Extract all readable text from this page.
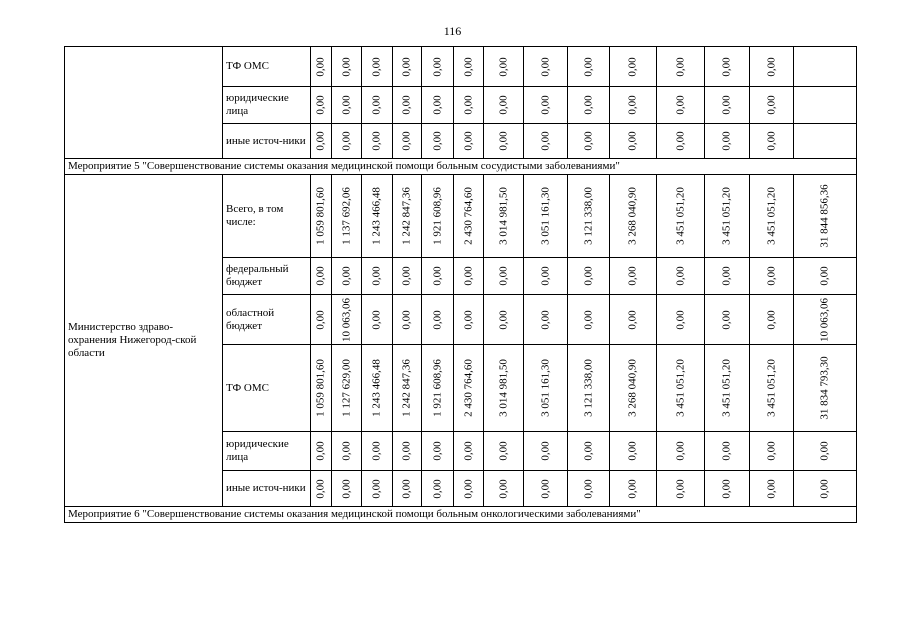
116
	ТФ ОМС	0,00	0,00	0,00	0,00	0,00	0,00	0,00	0,00	0,00	0,00	0,00	0,00	0,00	

	юридические лица	0,00	0,00	0,00	0,00	0,00	0,00	0,00	0,00	0,00	0,00	0,00	0,00	0,00	

	иные источ-ники	0,00	0,00	0,00	0,00	0,00	0,00	0,00	0,00	0,00	0,00	0,00	0,00	0,00	

Мероприятие 5 "Совершенствование системы оказания медицинской помощи больным сосудистыми заболеваниями"															
Министерство здраво-охранения Нижегород-ской области	Всего, в том числе:	1 059 801,60	1 137 692,06	1 243 466,48	1 242 847,36	1 921 608,96	2 430 764,60	3 014 981,50	3 051 161,30	3 121 338,00	3 268 040,90	3 451 051,20	3 451 051,20	3 451 051,20	31 844 856,36

	федеральный бюджет	0,00	0,00	0,00	0,00	0,00	0,00	0,00	0,00	0,00	0,00	0,00	0,00	0,00	0,00

	областной бюджет	0,00	10 063,06	0,00	0,00	0,00	0,00	0,00	0,00	0,00	0,00	0,00	0,00	0,00	10 063,06

	ТФ ОМС	1 059 801,60	1 127 629,00	1 243 466,48	1 242 847,36	1 921 608,96	2 430 764,60	3 014 981,50	3 051 161,30	3 121 338,00	3 268 040,90	3 451 051,20	3 451 051,20	3 451 051,20	31 834 793,30

	юридические лица	0,00	0,00	0,00	0,00	0,00	0,00	0,00	0,00	0,00	0,00	0,00	0,00	0,00	0,00

	иные источ-ники	0,00	0,00	0,00	0,00	0,00	0,00	0,00	0,00	0,00	0,00	0,00	0,00	0,00	0,00

Мероприятие 6 "Совершенствование системы оказания медицинской помощи больным онкологическими заболеваниями"															
